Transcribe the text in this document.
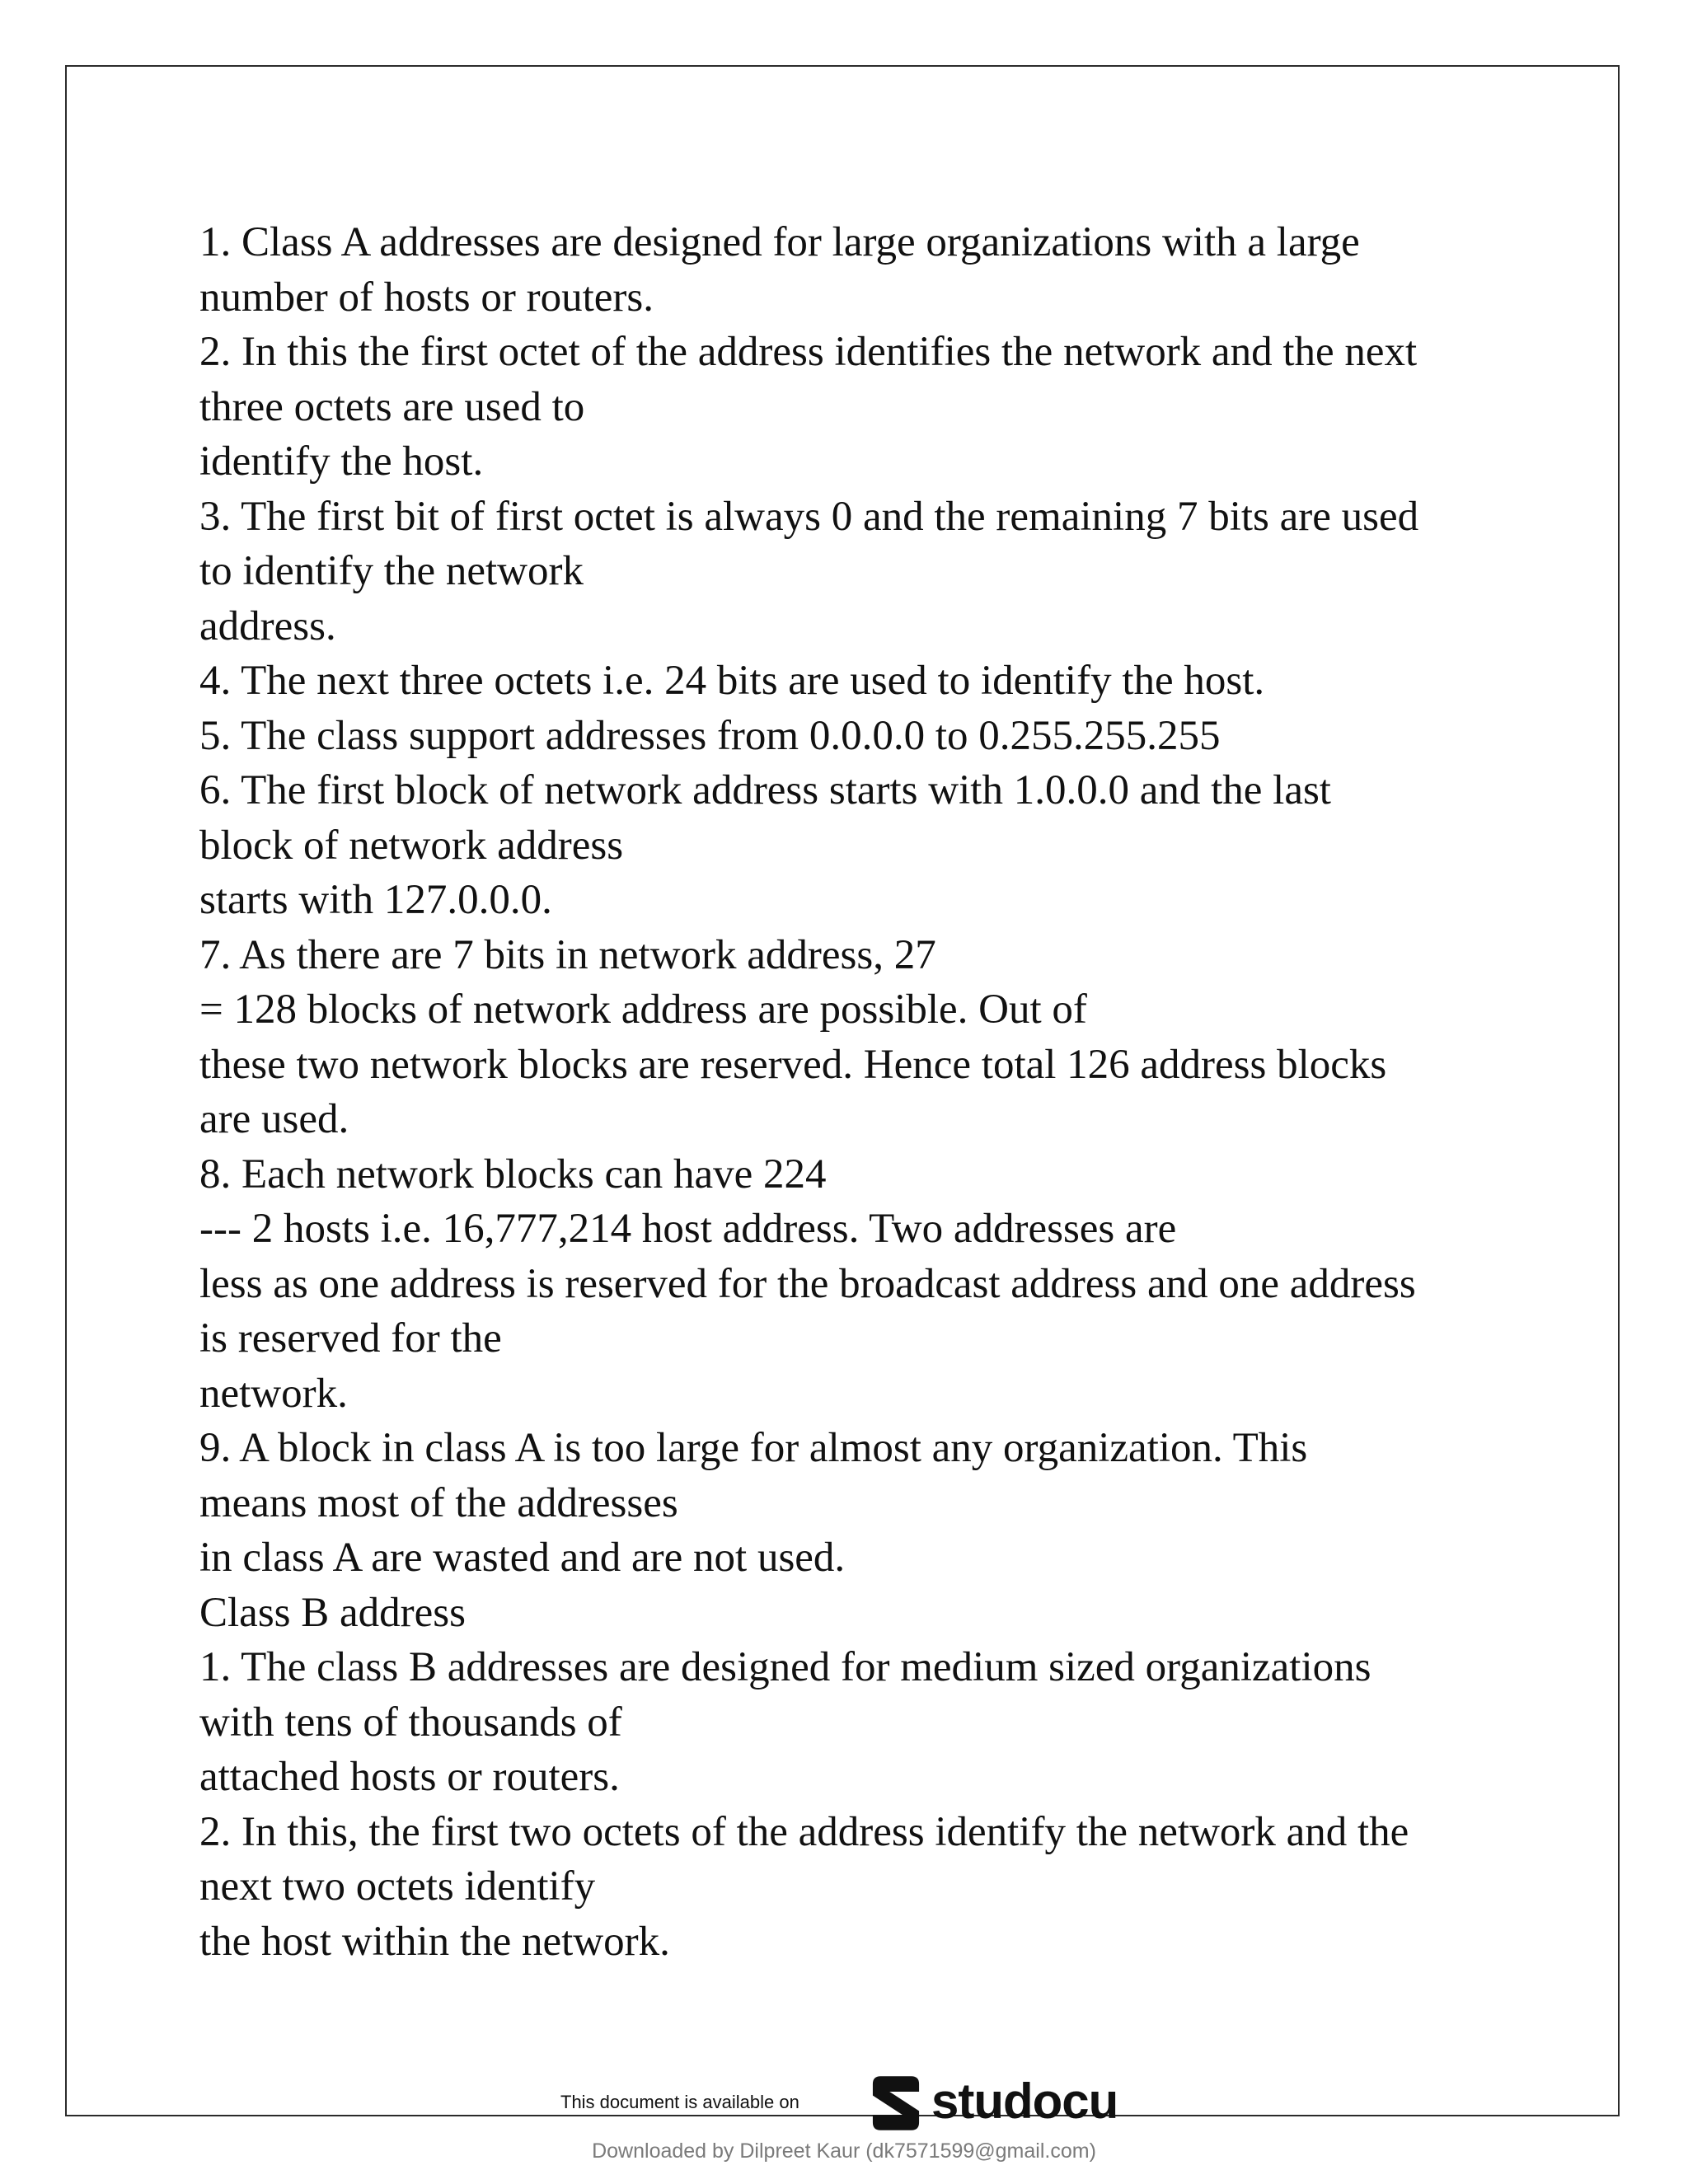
1. Class A addresses are designed for large organizations with a large
number of hosts or routers.
2. In this the first octet of the address identifies the network and the next
three octets are used to
identify the host.
3. The first bit of first octet is always 0 and the remaining 7 bits are used
to identify the network
address.
4. The next three octets i.e. 24 bits are used to identify the host.
5. The class support addresses from 0.0.0.0 to 0.255.255.255
6. The first block of network address starts with 1.0.0.0 and the last
block of network address
starts with 127.0.0.0.
7. As there are 7 bits in network address, 27
= 128 blocks of network address are possible. Out of
these two network blocks are reserved. Hence total 126 address blocks
are used.
8. Each network blocks can have 224
--- 2 hosts i.e. 16,777,214 host address. Two addresses are
less as one address is reserved for the broadcast address and one address
is reserved for the
network.
9. A block in class A is too large for almost any organization. This
means most of the addresses
in class A are wasted and are not used.
Class B address
1. The class B addresses are designed for medium sized organizations
with tens of thousands of
attached hosts or routers.
2. In this, the first two octets of the address identify the network and the
next two octets identify
the host within the network.
This document is available on	studocu
Downloaded by Dilpreet Kaur (dk7571599@gmail.com)
